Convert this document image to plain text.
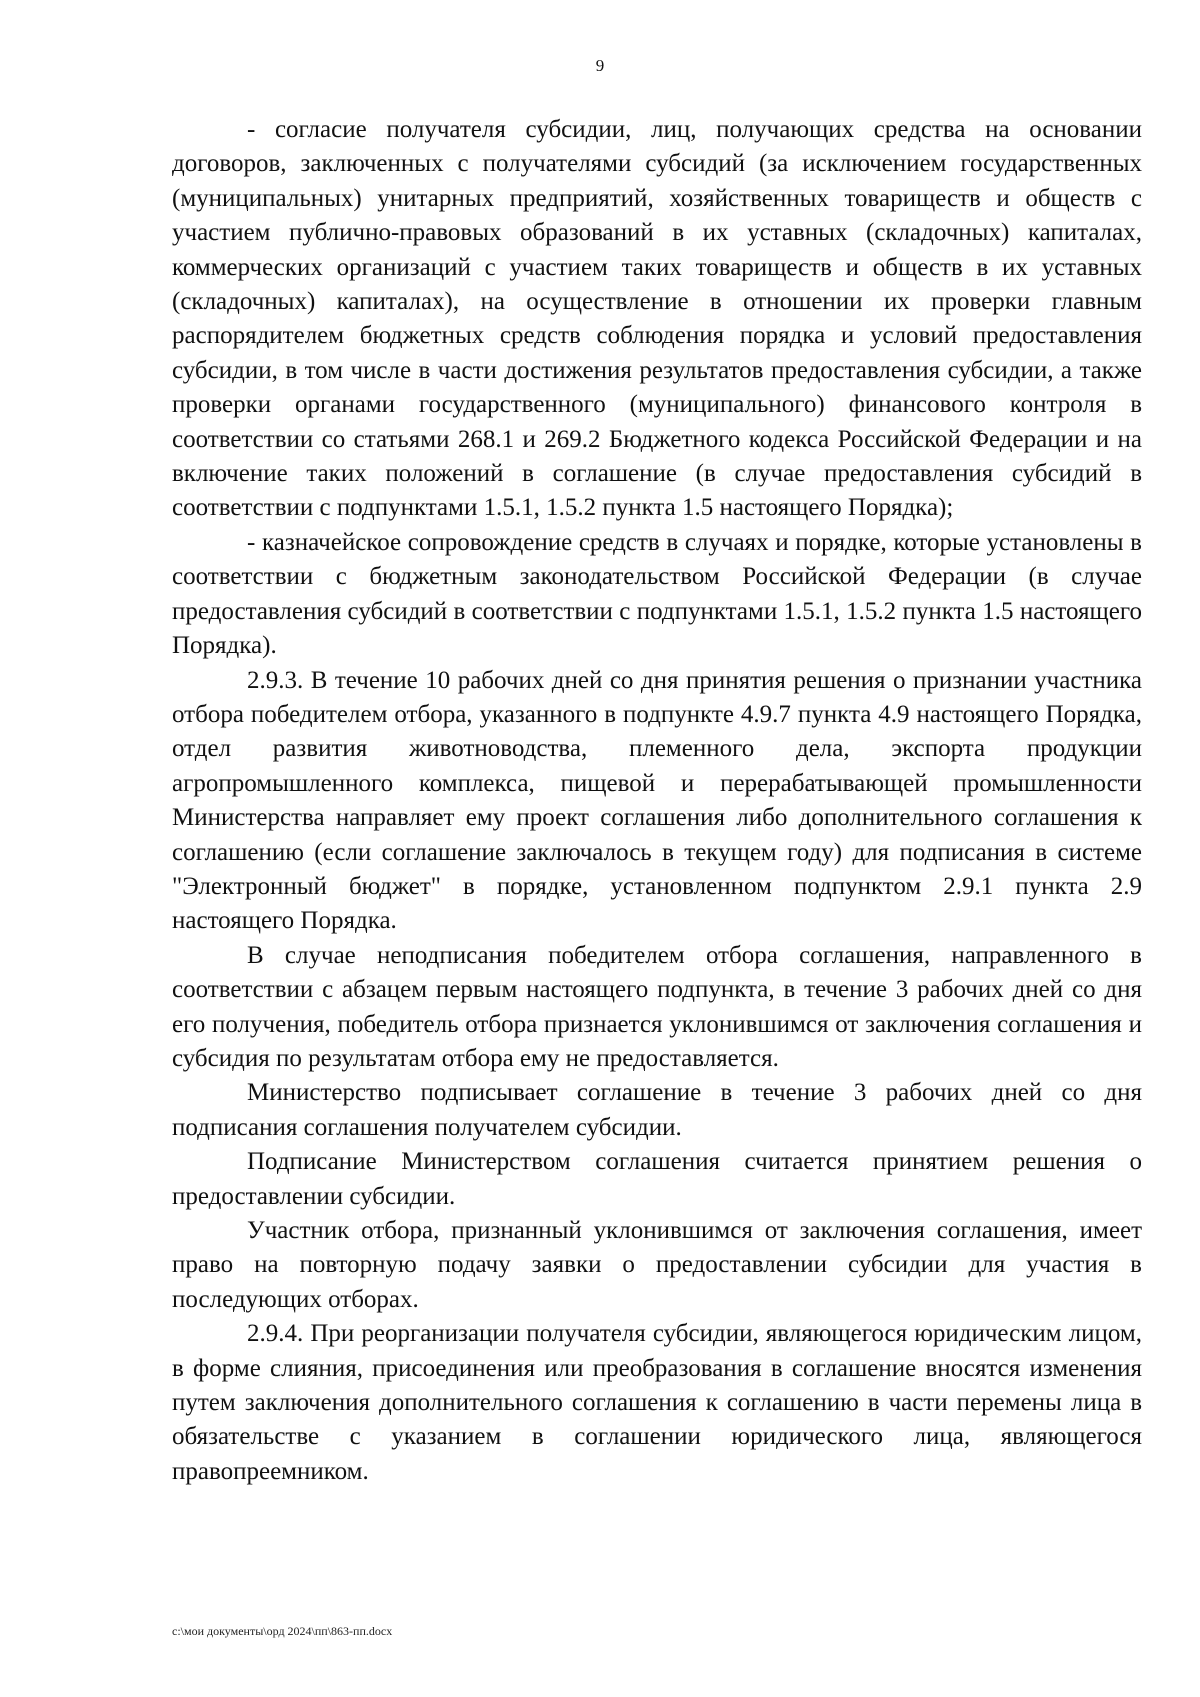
9

- согласие получателя субсидии, лиц, получающих средства на основании договоров, заключенных с получателями субсидий (за исключением государственных (муниципальных) унитарных предприятий, хозяйственных товариществ и обществ с участием публично-правовых образований в их уставных (складочных) капиталах, коммерческих организаций с участием таких товариществ и обществ в их уставных (складочных) капиталах), на осуществление в отношении их проверки главным распорядителем бюджетных средств соблюдения порядка и условий предоставления субсидии, в том числе в части достижения результатов предоставления субсидии, а также проверки органами государственного (муниципального) финансового контроля в соответствии со статьями 268.1 и 269.2 Бюджетного кодекса Российской Федерации и на включение таких положений в соглашение (в случае предоставления субсидий в соответствии с подпунктами 1.5.1, 1.5.2 пункта 1.5 настоящего Порядка);

- казначейское сопровождение средств в случаях и порядке, которые установлены в соответствии с бюджетным законодательством Российской Федерации (в случае предоставления субсидий в соответствии с подпунктами 1.5.1, 1.5.2 пункта 1.5 настоящего Порядка).

2.9.3. В течение 10 рабочих дней со дня принятия решения о признании участника отбора победителем отбора, указанного в подпункте 4.9.7 пункта 4.9 настоящего Порядка, отдел развития животноводства, племенного дела, экспорта продукции агропромышленного комплекса, пищевой и перерабатывающей промышленности Министерства направляет ему проект соглашения либо дополнительного соглашения к соглашению (если соглашение заключалось в текущем году) для подписания в системе "Электронный бюджет" в порядке, установленном подпунктом 2.9.1 пункта 2.9 настоящего Порядка.

В случае неподписания победителем отбора соглашения, направленного в соответствии с абзацем первым настоящего подпункта, в течение 3 рабочих дней со дня его получения, победитель отбора признается уклонившимся от заключения соглашения и субсидия по результатам отбора ему не предоставляется.

Министерство подписывает соглашение в течение 3 рабочих дней со дня подписания соглашения получателем субсидии.

Подписание Министерством соглашения считается принятием решения о предоставлении субсидии.

Участник отбора, признанный уклонившимся от заключения соглашения, имеет право на повторную подачу заявки о предоставлении субсидии для участия в последующих отборах.

2.9.4. При реорганизации получателя субсидии, являющегося юридическим лицом, в форме слияния, присоединения или преобразования в соглашение вносятся изменения путем заключения дополнительного соглашения к соглашению в части перемены лица в обязательстве с указанием в соглашении юридического лица, являющегося правопреемником.

c:\мои документы\орд 2024\пп\863-пп.docx
